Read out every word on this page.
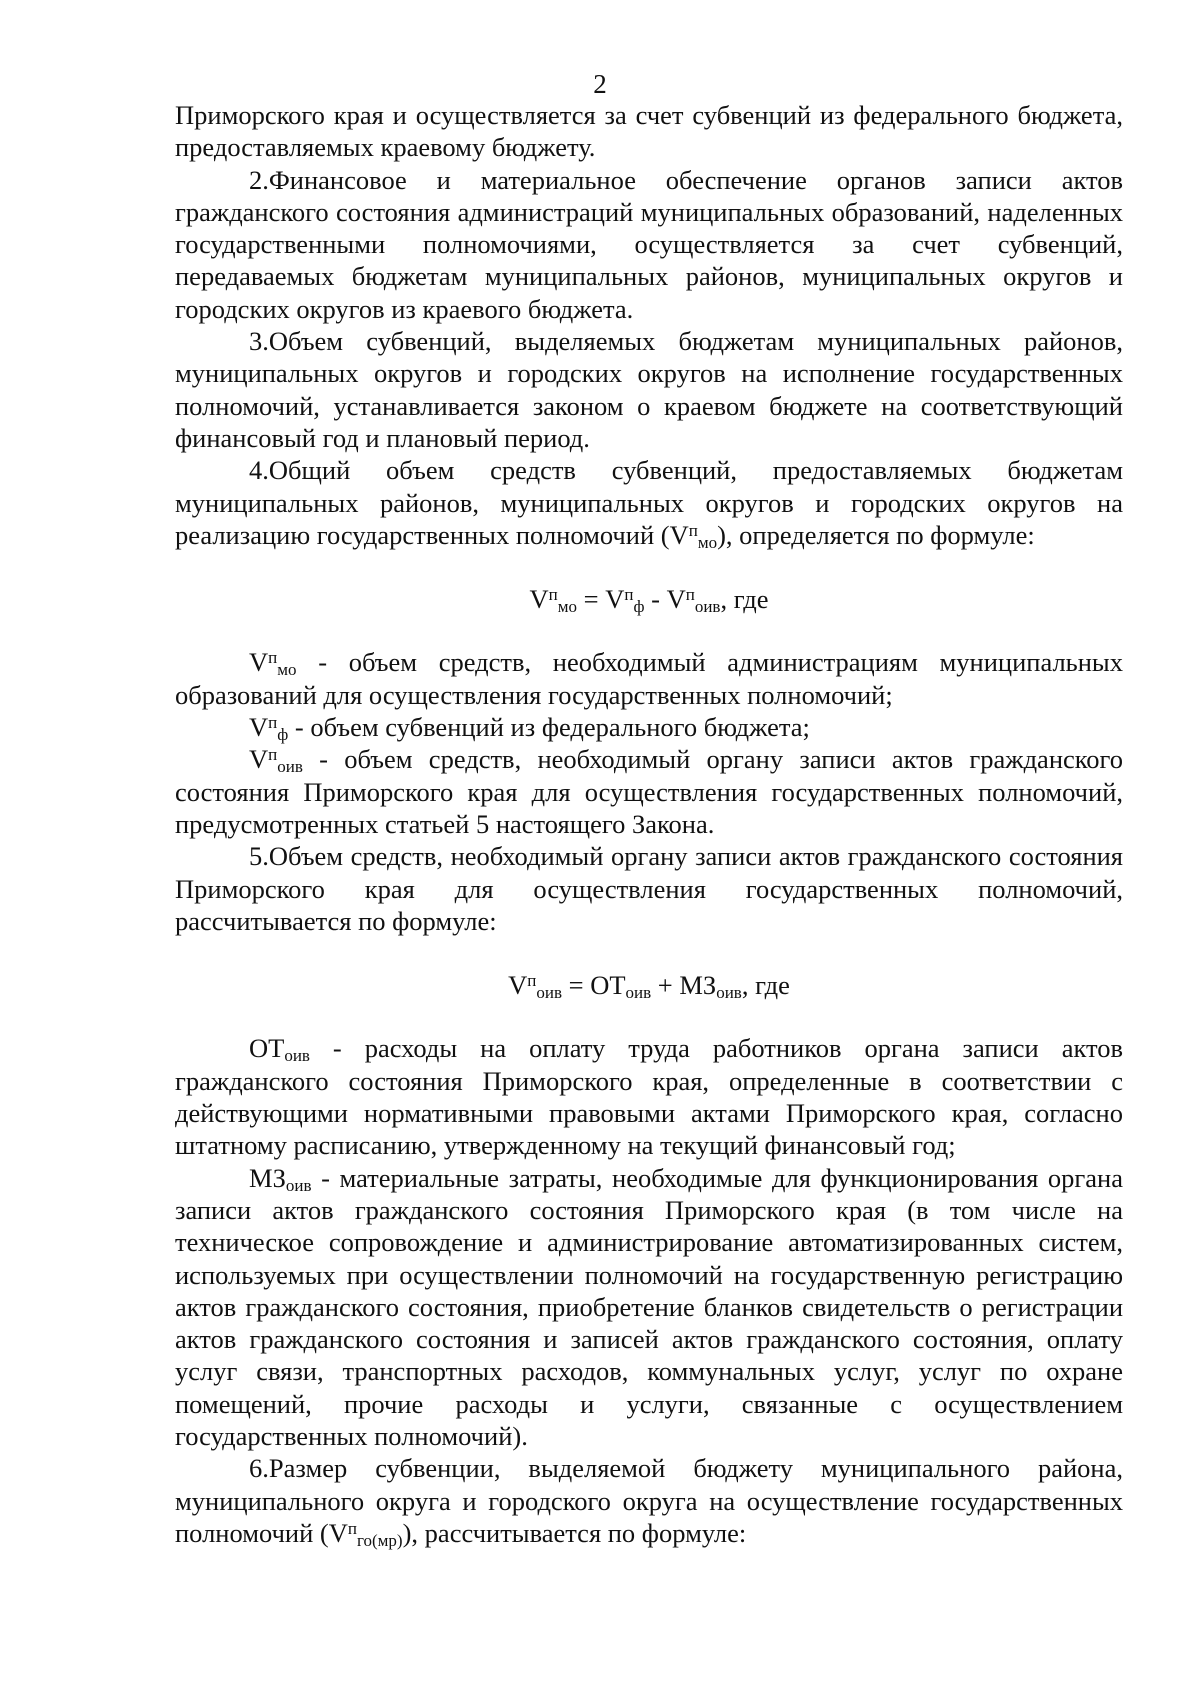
2

Приморского края и осуществляется за счет субвенций из федерального бюджета, предоставляемых краевому бюджету.

2.Финансовое и материальное обеспечение органов записи актов гражданского состояния администраций муниципальных образований, наделенных государственными полномочиями, осуществляется за счет субвенций, передаваемых бюджетам муниципальных районов, муниципальных округов и городских округов из краевого бюджета.

3.Объем субвенций, выделяемых бюджетам муниципальных районов, муниципальных округов и городских округов на исполнение государственных полномочий, устанавливается законом о краевом бюджете на соответствующий финансовый год и плановый период.

4.Общий объем средств субвенций, предоставляемых бюджетам муниципальных районов, муниципальных округов и городских округов на реализацию государственных полномочий $(V^п_{мо})$, определяется по формуле:

$V^п_{мо} = V^п_ф - V^п_{оив}$, где

$V^п_{мо}$ - объем средств, необходимый администрациям муниципальных образований для осуществления государственных полномочий;

$V^п_ф$ - объем субвенций из федерального бюджета;

$V^п_{оив}$ - объем средств, необходимый органу записи актов гражданского состояния Приморского края для осуществления государственных полномочий, предусмотренных статьей 5 настоящего Закона.

5.Объем средств, необходимый органу записи актов гражданского состояния Приморского края для осуществления государственных полномочий, рассчитывается по формуле:

$V^п_{оив} = ОТ_{оив} + МЗ_{оив}$, где

$ОТ_{оив}$ - расходы на оплату труда работников органа записи актов гражданского состояния Приморского края, определенные в соответствии с действующими нормативными правовыми актами Приморского края, согласно штатному расписанию, утвержденному на текущий финансовый год;

$МЗ_{оив}$ - материальные затраты, необходимые для функционирования органа записи актов гражданского состояния Приморского края (в том числе на техническое сопровождение и администрирование автоматизированных систем, используемых при осуществлении полномочий на государственную регистрацию актов гражданского состояния, приобретение бланков свидетельств о регистрации актов гражданского состояния и записей актов гражданского состояния, оплату услуг связи, транспортных расходов, коммунальных услуг, услуг по охране помещений, прочие расходы и услуги, связанные с осуществлением государственных полномочий).

6.Размер субвенции, выделяемой бюджету муниципального района, муниципального округа и городского округа на осуществление государственных полномочий $(V^п_{го(мр)})$, рассчитывается по формуле:
